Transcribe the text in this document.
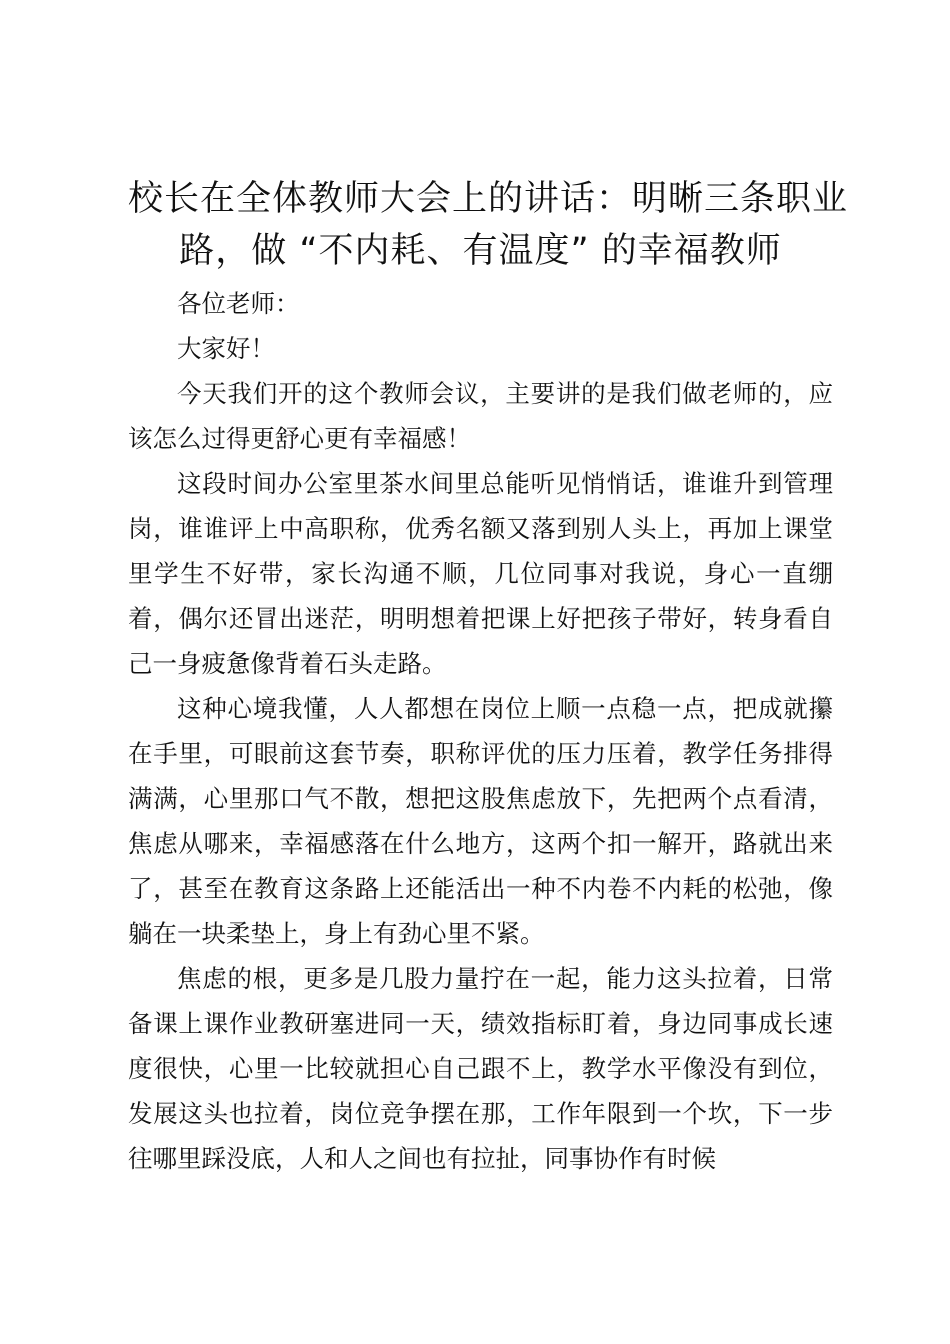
校长在全体教师大会上的讲话：明晰三条职业
路，做 “不内耗、有温度” 的幸福教师

各位老师：

大家好！

今天我们开的这个教师会议，主要讲的是我们做老师的，应该怎么过得更舒心更有幸福感！

这段时间办公室里茶水间里总能听见悄悄话，谁谁升到管理岗，谁谁评上中高职称，优秀名额又落到别人头上，再加上课堂里学生不好带，家长沟通不顺，几位同事对我说，身心一直绷着，偶尔还冒出迷茫，明明想着把课上好把孩子带好，转身看自己一身疲惫像背着石头走路。

这种心境我懂，人人都想在岗位上顺一点稳一点，把成就攥在手里，可眼前这套节奏，职称评优的压力压着，教学任务排得满满，心里那口气不散，想把这股焦虑放下，先把两个点看清，焦虑从哪来，幸福感落在什么地方，这两个扣一解开，路就出来了，甚至在教育这条路上还能活出一种不内卷不内耗的松弛，像躺在一块柔垫上，身上有劲心里不紧。

焦虑的根，更多是几股力量拧在一起，能力这头拉着，日常备课上课作业教研塞进同一天，绩效指标盯着，身边同事成长速度很快，心里一比较就担心自己跟不上，教学水平像没有到位，发展这头也拉着，岗位竞争摆在那，工作年限到一个坎，下一步往哪里踩没底，人和人之间也有拉扯，同事协作有时候
